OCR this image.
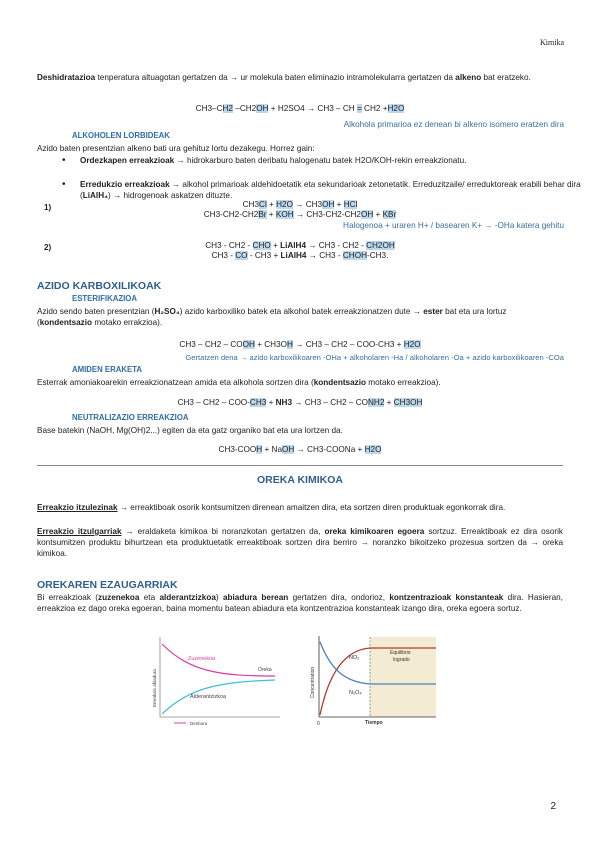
Kimika
Deshidratazioa tenperatura altuagotan gertatzen da → ur molekula baten eliminazio intramolekularra gertatzen da alkeno bat eratzeko.
CH3–CH2 –CH2OH + H2SO4 → CH3 – CH = CH2 +H2O
Alkohola primarioa ez denean bi alkeno isomero eratzen dira
ALKOHOLEN LORBIDEAK
Azido baten presentzian alkeno bati ura gehituz lortu dezakegu. Horrez gain:
• Ordezkapen erreakzioak → hidrokarburo baten deribatu halogenatu batek H2O/KOH-rekin erreakzionatu.
• Erredukzio erreakzioak → alkohol primarioak aldehidoetatik eta sekundarioak zetonetatik. Erreduzitzaile/ erreduktoreak erabili behar dira (LiAlH₄) → hidrogenoak askatzen dituzte.
1)	CH3Cl + H2O → CH3OH + HCl
CH3-CH2-CH2Br + KOH → CH3-CH2-CH2OH + KBr
Halogenoa + uraren H+ / basearen K+ → -OHa katera gehitu
2)	CH3 - CH2 - CHO + LiAlH4 → CH3 - CH2 - CH2OH
CH3 - CO - CH3 + LiAlH4 → CH3 - CHOH-CH3.
AZIDO KARBOXILIKOAK
ESTERIFIKAZIOA
Azido sendo baten presentzian (H₂SO₄) azido karboxiliko batek eta alkohol batek erreakzionatzen dute → ester bat eta ura lortuz (kondentsazio motako errakzioa).
CH3 – CH2 – COOH + CH3OH → CH3 – CH2 – COO-CH3 + H2O
Gertatzen dena → azido karboxilikoaren -OHa + alkoholaren -Ha / alkoholaren -Oa + azido karboxilikoaren -COa
AMIDEN ERAKETA
Esterrak amoniakoarekin erreakzionatzean amida eta alkohola sortzen dira (kondentsazio motako erreakzioa).
CH3 – CH2 – COO-CH3 + NH3 → CH3 – CH2 – CONH2 + CH3OH
NEUTRALIZAZIO ERREAKZIOA
Base batekin (NaOH, Mg(OH)2...) egiten da eta gatz organiko bat eta ura lortzen da.
CH3-COOH + NaOH → CH3-COONa + H2O
OREKA KIMIKOA
Erreakzio itzulezinak → erreaktiboak osorik kontsumitzen direnean amaitzen dira, eta sortzen diren produktuak egonkorrak dira.
Erreakzio itzulgarriak → eraldaketa kimikoa bi noranzkotan gertatzen da, oreka kimikoaren egoera sortzuz. Erreaktiboak ez dira osorik kontsumitzen produktu bihurtzean eta produktuetatik erreaktiboak sortzen dira berriro → noranzko bikoitzeko prozesua sortzen da → oreka kimikoa.
OREKAREN EZAUGARRIAK
Bi erreakzioak (zuzenekoa eta alderantzizkoa) abiadura berean gertatzen dira, ondorioz, kontzentrazioak konstanteak dira. Hasieran, erreakzioa ez dago oreka egoeran, baina momentu batean abiadura eta kontzentrazioa konstanteak izango dira, oreka egoera sortuz.
Zuzenekoa
Alderantzizkoa
Oreka
Erreakzio abiadura
Denbora
NO₂
N₂O₄
Equilibrio
logrado
Concentration
Tiempo
0
2
